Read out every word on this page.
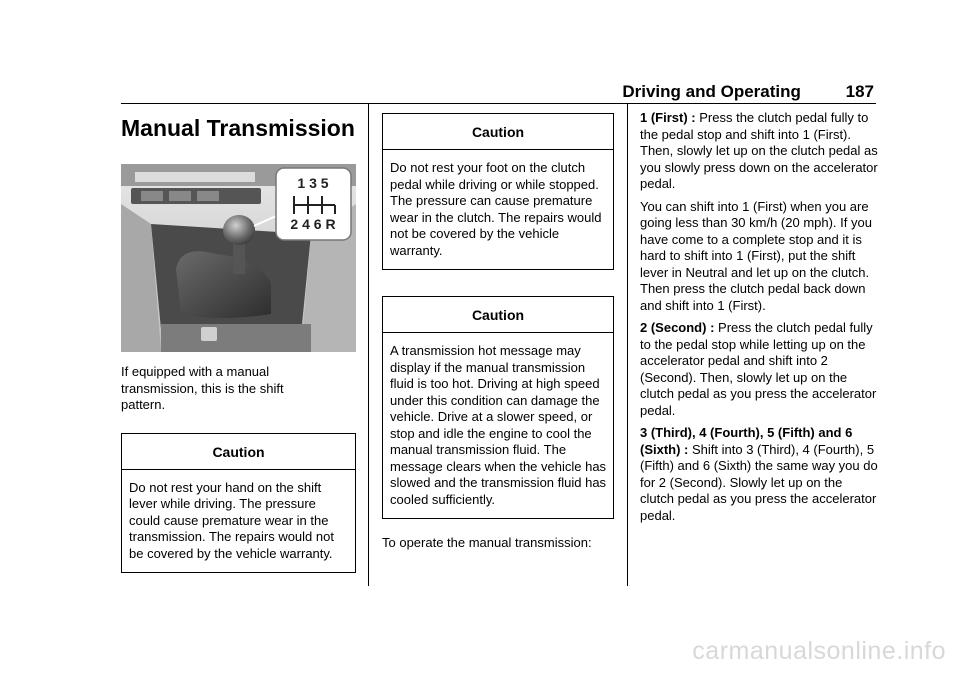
Driving and Operating	187
Manual Transmission
1 3 5
2 4 6 R

If equipped with a manual transmission, this is the shift pattern.

Caution
Do not rest your hand on the shift lever while driving. The pressure could cause premature wear in the transmission. The repairs would not be covered by the vehicle warranty.
Caution
Do not rest your foot on the clutch pedal while driving or while stopped. The pressure can cause premature wear in the clutch. The repairs would not be covered by the vehicle warranty.
Caution
A transmission hot message may display if the manual transmission fluid is too hot. Driving at high speed under this condition can damage the vehicle. Drive at a slower speed, or stop and idle the engine to cool the manual transmission fluid. The message clears when the vehicle has slowed and the transmission fluid has cooled sufficiently.

To operate the manual transmission:

1 (First) : Press the clutch pedal fully to the pedal stop and shift into 1 (First). Then, slowly let up on the clutch pedal as you slowly press down on the accelerator pedal.

You can shift into 1 (First) when you are going less than 30 km/h (20 mph). If you have come to a complete stop and it is hard to shift into 1 (First), put the shift lever in Neutral and let up on the clutch. Then press the clutch pedal back down and shift into 1 (First).

2 (Second) : Press the clutch pedal fully to the pedal stop while letting up on the accelerator pedal and shift into 2 (Second). Then, slowly let up on the clutch pedal as you press the accelerator pedal.

3 (Third), 4 (Fourth), 5 (Fifth) and 6 (Sixth) : Shift into 3 (Third), 4 (Fourth), 5 (Fifth) and 6 (Sixth) the same way you do for 2 (Second). Slowly let up on the clutch pedal as you press the accelerator pedal.

carmanualsonline.info
